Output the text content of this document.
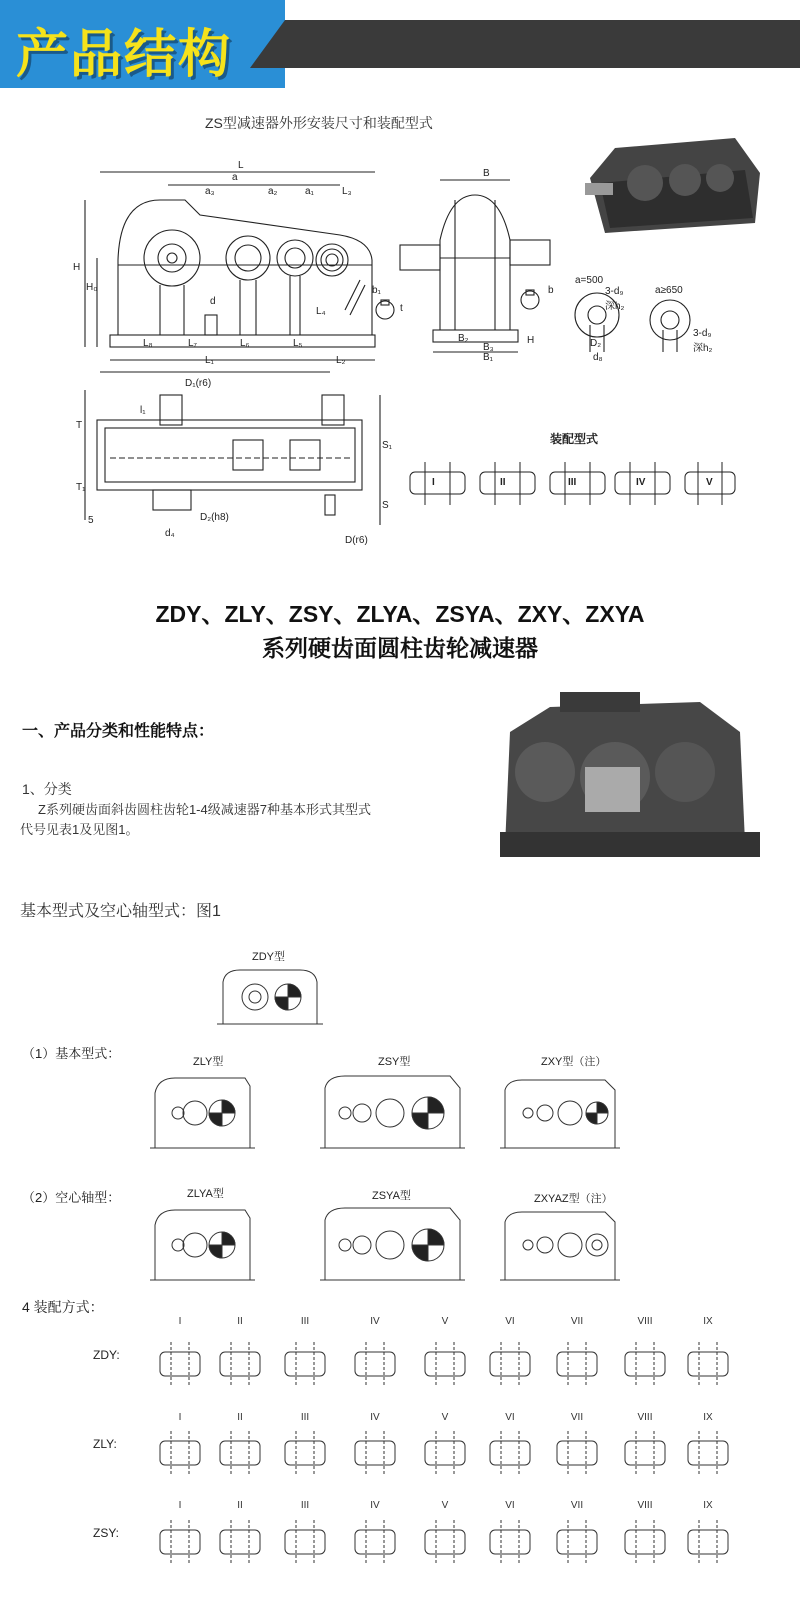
产品结构
ZS型减速器外形安装尺寸和装配型式
L
a
a₃	a₂	a₁	L₃
H
H₀
d
L₄
L₈	L₇	L₆	L₅
L₁	L₂
B
b₁
t
b
B₂
B₃
B₁
H
a=500
3-d₉
深h₂
a≥650
3-d₉
深h₂
D₂
d₈
D₁(r6)
l₁
T
T₁
S₁
S
5
d₄
D₂(h8)
D(r6)
装配型式
I	II	III	IV	V
ZDY、ZLY、ZSY、ZLYA、ZSYA、ZXY、ZXYA
系列硬齿面圆柱齿轮减速器
一、产品分类和性能特点：
1、分类
Z系列硬齿面斜齿圆柱齿轮1-4级减速器7种基本形式其型式
代号见表1及见图1。
基本型式及空心轴型式：图1
ZDY型
（1）基本型式：
ZLY型	ZSY型	ZXY型（注）
（2）空心轴型：	ZLYA型	ZSYA型	ZXYAZ型（注）
4 装配方式：
ZDY:
ZLY:
ZSY:
I	II	III	IV	V	VI	VII	VIII	IX
I	II	III	IV	V	VI	VII	VIII	IX
I	II	III	IV	V	VI	VII	VIII	IX
